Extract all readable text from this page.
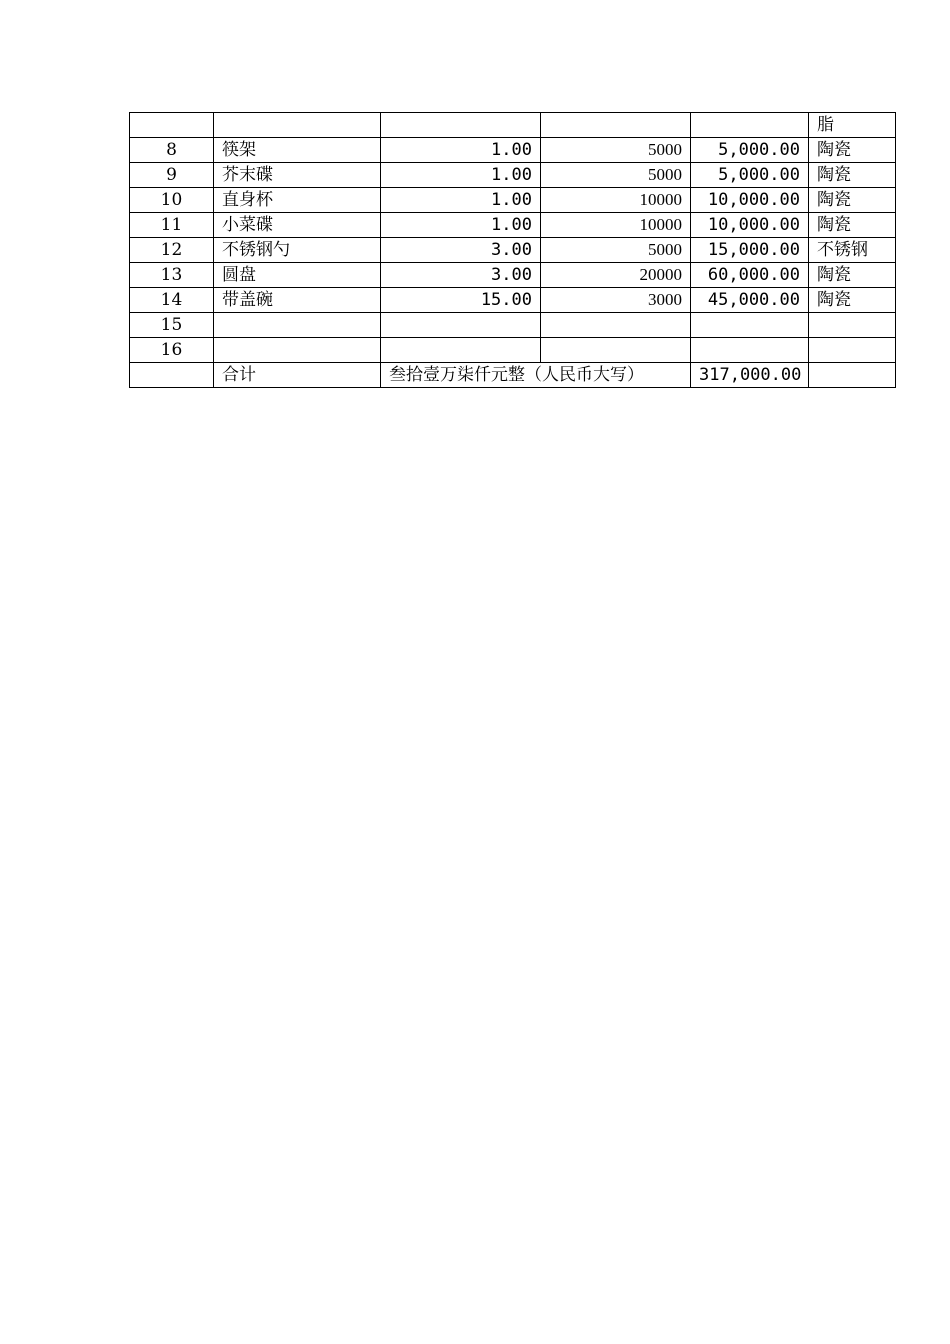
					脂
8	筷架	1.00	5000	5,000.00	陶瓷
9	芥末碟	1.00	5000	5,000.00	陶瓷
10	直身杯	1.00	10000	10,000.00	陶瓷
11	小菜碟	1.00	10000	10,000.00	陶瓷
12	不锈钢勺	3.00	5000	15,000.00	不锈钢
13	圆盘	3.00	20000	60,000.00	陶瓷
14	带盖碗	15.00	3000	45,000.00	陶瓷
15					
16					
	合计	叁拾壹万柒仟元整（人民币大写）		317,000.00	
